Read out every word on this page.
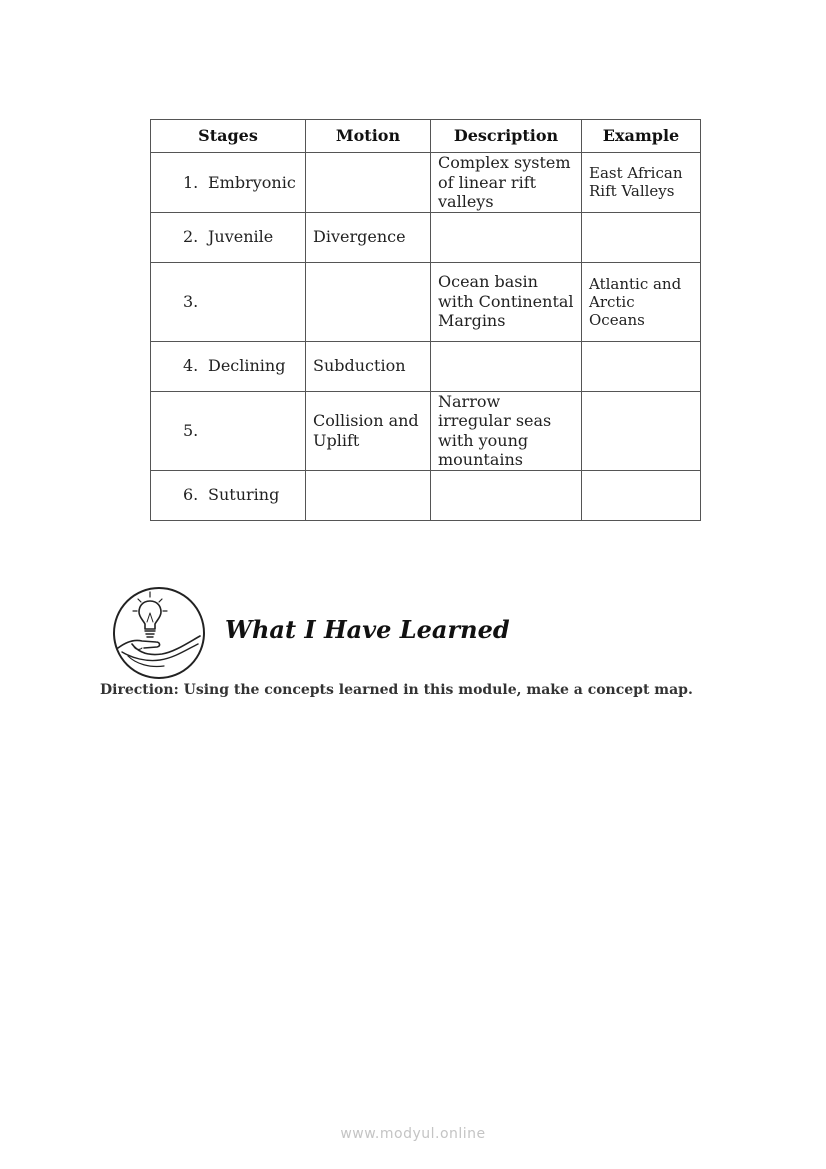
Stages	Motion	Description	Example
1. Embryonic		Complex system of linear rift valleys	East African Rift Valleys
2. Juvenile	Divergence		
3.		Ocean basin with Continental Margins	Atlantic and Arctic Oceans
4. Declining	Subduction		
5.	Collision and Uplift	Narrow irregular seas with young mountains	
6. Suturing			
What I Have Learned

Direction: Using the concepts learned in this module, make a concept map.

www.modyul.online
